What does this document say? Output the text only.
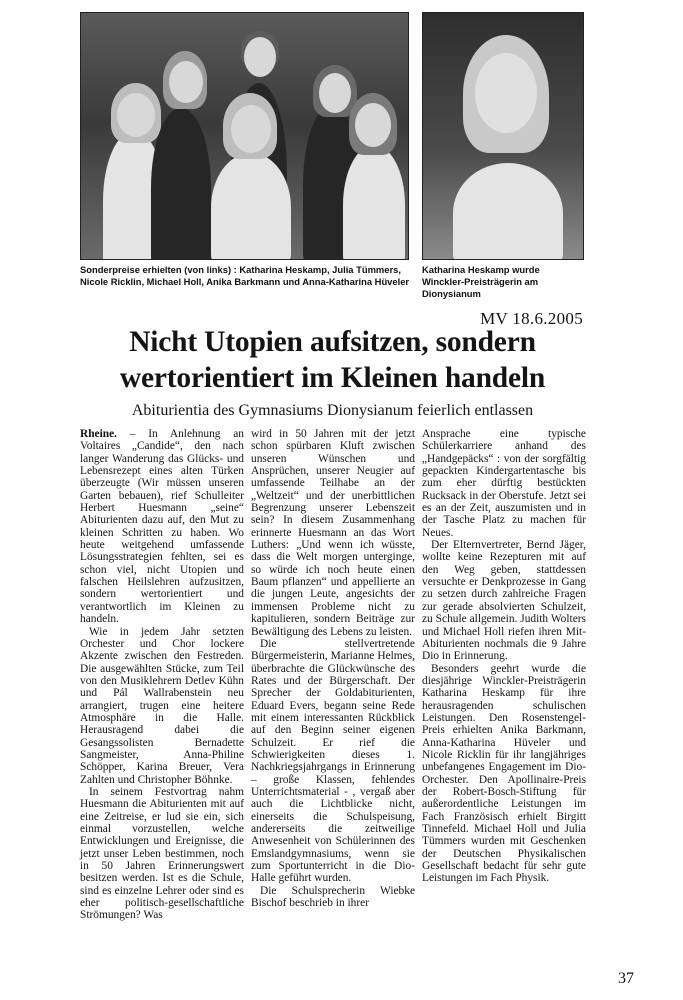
Sonderpreise erhielten (von links) : Katharina Heskamp, Julia Tümmers, Nicole Ricklin, Michael Holl, Anika Barkmann und Anna-Katharina Hüveler
Katharina Heskamp wurde Winckler-Preisträgerin am Dionysianum
MV 18.6.2005
Nicht Utopien aufsitzen, sondern wertorientiert im Kleinen handeln
Abiturientia des Gymnasiums Dionysianum feierlich entlassen

Rheine. – In Anlehnung an Voltaires „Candide“, den nach langer Wanderung das Glücks- und Lebensrezept eines alten Türken überzeugte (Wir müssen unseren Garten bebauen), rief Schulleiter Herbert Huesmann „seine“ Abiturienten dazu auf, den Mut zu kleinen Schritten zu haben. Wo heute weitgehend umfassende Lösungsstrategien fehlten, sei es schon viel, nicht Utopien und falschen Heilslehren aufzusitzen, sondern wertorientiert und verantwortlich im Kleinen zu handeln.

Wie in jedem Jahr setzten Orchester und Chor lockere Akzente zwischen den Festreden. Die ausgewählten Stücke, zum Teil von den Musiklehrern Detlev Kühn und Pál Wallrabenstein neu arrangiert, trugen eine heitere Atmosphäre in die Halle. Herausragend dabei die Gesangssolisten Bernadette Sangmeister, Anna-Philine Schöpper, Karina Breuer, Vera Zahlten und Christopher Böhnke.

In seinem Festvortrag nahm Huesmann die Abiturienten mit auf eine Zeitreise, er lud sie ein, sich einmal vorzustellen, welche Entwicklungen und Ereignisse, die jetzt unser Leben bestimmen, noch in 50 Jahren Erinnerungswert besitzen werden. Ist es die Schule, sind es einzelne Lehrer oder sind es eher politisch-gesellschaftliche Strömungen? Was

wird in 50 Jahren mit der jetzt schon spürbaren Kluft zwischen unseren Wünschen und Ansprüchen, unserer Neugier auf umfassende Teilhabe an der „Weltzeit“ und der unerbittlichen Begrenzung unserer Lebenszeit sein? In diesem Zusammenhang erinnerte Huesmann an das Wort Luthers: „Und wenn ich wüsste, dass die Welt morgen unterginge, so würde ich noch heute einen Baum pflanzen“ und appellierte an die jungen Leute, angesichts der immensen Probleme nicht zu kapitulieren, sondern Beiträge zur Bewältigung des Lebens zu leisten.

Die stellvertretende Bürgermeisterin, Marianne Helmes, überbrachte die Glückwünsche des Rates und der Bürgerschaft. Der Sprecher der Goldabiturienten, Eduard Evers, begann seine Rede mit einem interessanten Rückblick auf den Beginn seiner eigenen Schulzeit. Er rief die Schwierigkeiten dieses 1. Nachkriegsjahrgangs in Erinnerung – große Klassen, fehlendes Unterrichtsmaterial - , vergaß aber auch die Lichtblicke nicht, einerseits die Schulspeisung, andererseits die zeitweilige Anwesenheit von Schülerinnen des Emslandgymnasiums, wenn sie zum Sportunterricht in die Dio-Halle geführt wurden.

Die Schulsprecherin Wiebke Bischof beschrieb in ihrer

Ansprache eine typische Schülerkarriere anhand des „Handgepäcks“ : von der sorgfältig gepackten Kindergartentasche bis zum eher dürftig bestückten Rucksack in der Oberstufe. Jetzt sei es an der Zeit, auszumisten und in der Tasche Platz zu machen für Neues.

Der Elternvertreter, Bernd Jäger, wollte keine Rezepturen mit auf den Weg geben, stattdessen versuchte er Denkprozesse in Gang zu setzen durch zahlreiche Fragen zur gerade absolvierten Schulzeit, zu Schule allgemein. Judith Wolters und Michael Holl riefen ihren Mit-Abiturienten nochmals die 9 Jahre Dio in Erinnerung.

Besonders geehrt wurde die diesjährige Winckler-Preisträgerin Katharina Heskamp für ihre herausragenden schulischen Leistungen. Den Rosenstengel-Preis erhielten Anika Barkmann, Anna-Katharina Hüveler und Nicole Ricklin für ihr langjähriges unbefangenes Engagement im Dio-Orchester. Den Apollinaire-Preis der Robert-Bosch-Stiftung für außerordentliche Leistungen im Fach Französisch erhielt Birgitt Tinnefeld. Michael Holl und Julia Tümmers wurden mit Geschenken der Deutschen Physikalischen Gesellschaft bedacht für sehr gute Leistungen im Fach Physik.

37
